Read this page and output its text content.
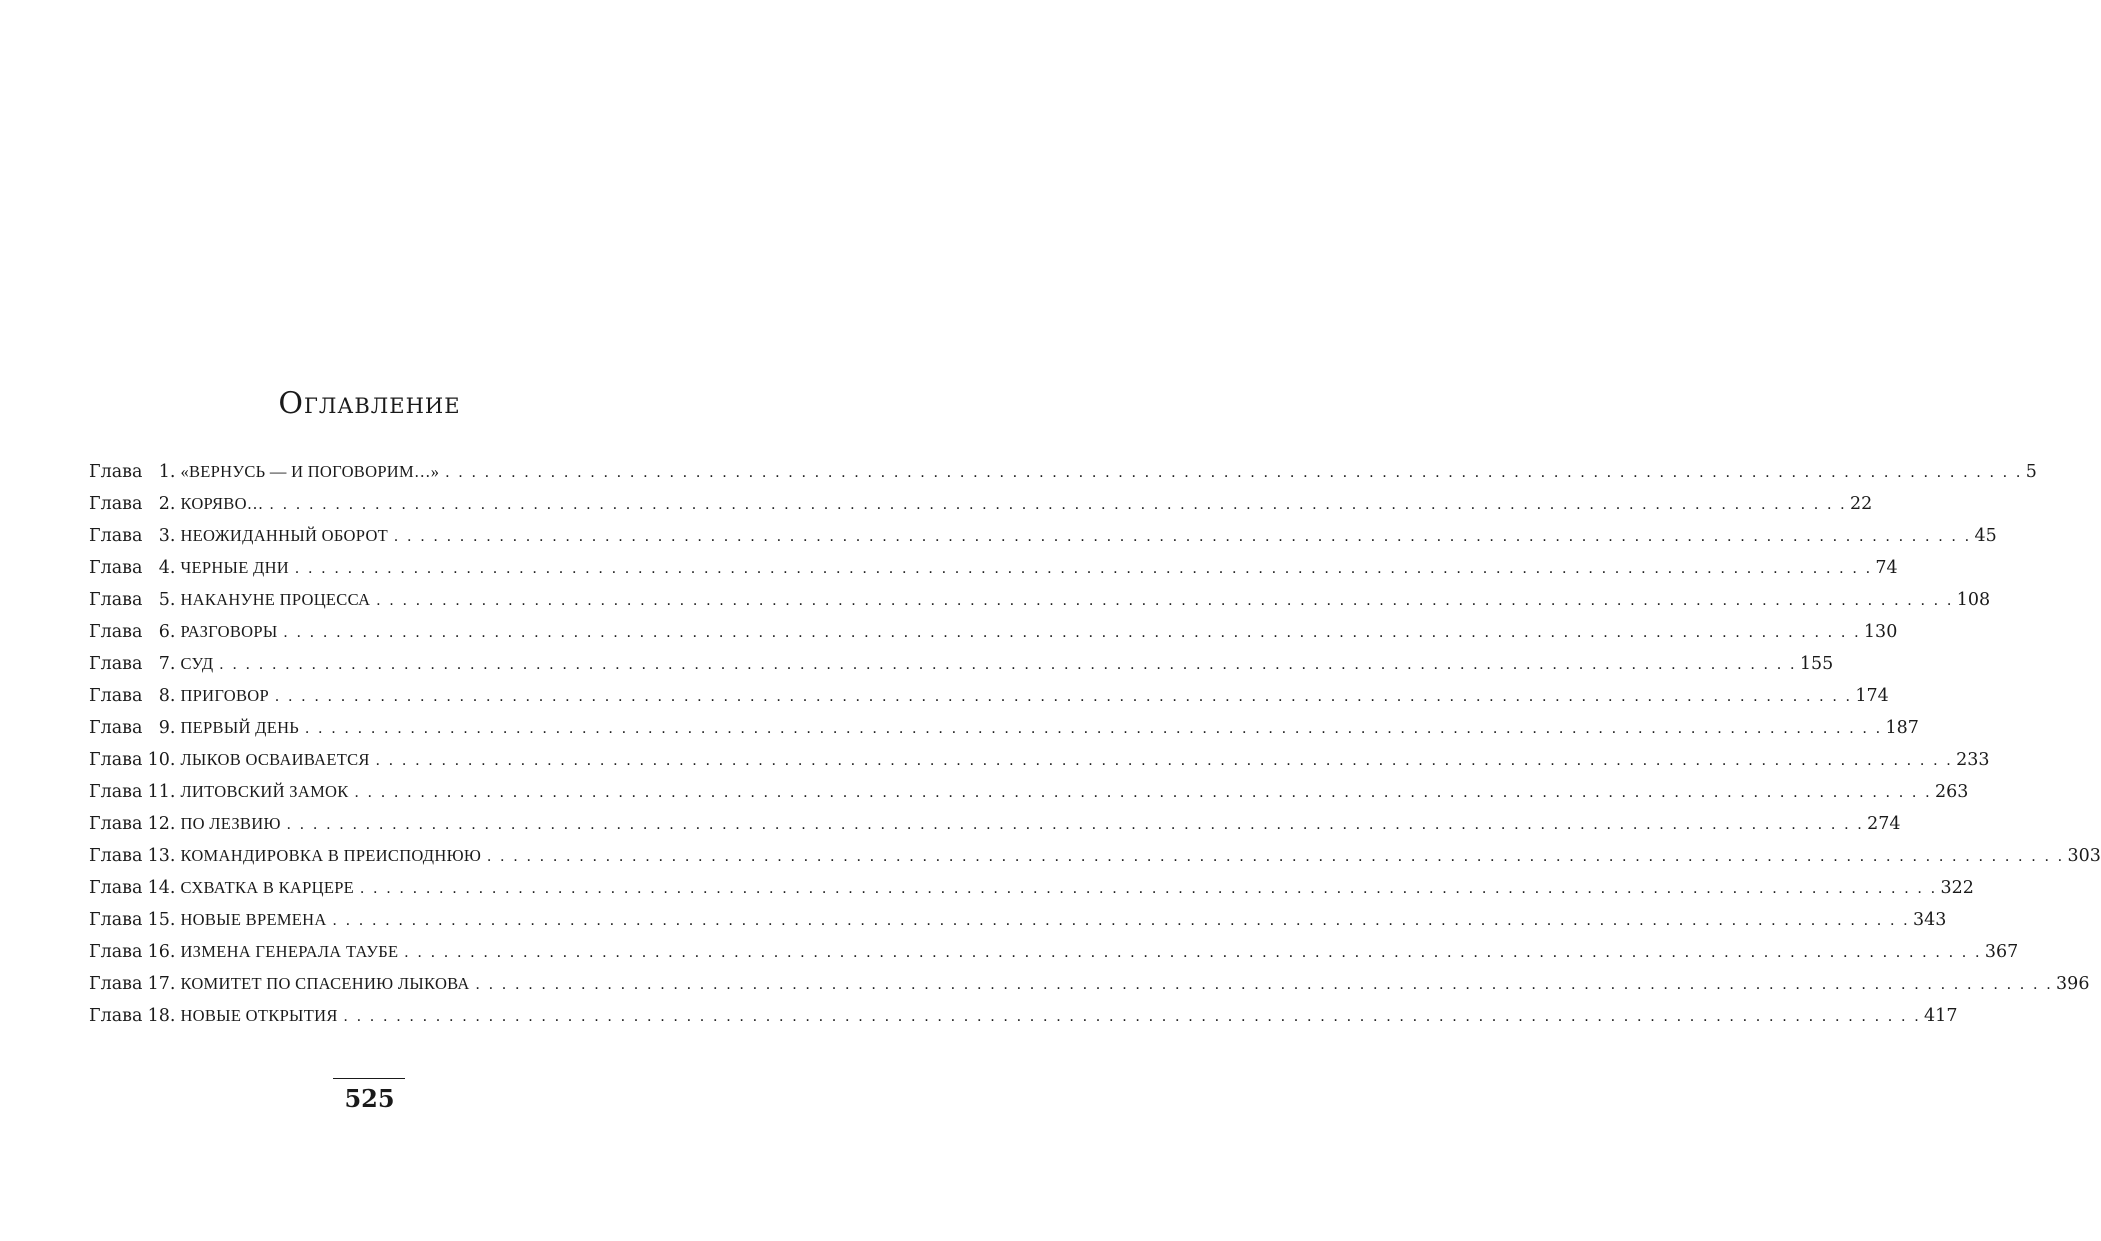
Оглавление
Глава 1. «ВЕРНУСЬ — И ПОГОВОРИМ…» . . . . . . . . . . . . . . . . . . . . . . . . . . . . . . . . . . . . . . . . . . . . . . . . . . . . . . . . . . . . . . . . . . . . . . . . . . . . . . . . . . . . . . . . . . . . . . . . . . . . . . . . . . . . . . . . . . . . . . . . 5
Глава 2. КОРЯВО… . . . . . . . . . . . . . . . . . . . . . . . . . . . . . . . . . . . . . . . . . . . . . . . . . . . . . . . . . . . . . . . . . . . . . . . . . . . . . . . . . . . . . . . . . . . . . . . . . . . . . . . . . . . . . . . . . . . . . . . . 22
Глава 3. НЕОЖИДАННЫЙ ОБОРОТ . . . . . . . . . . . . . . . . . . . . . . . . . . . . . . . . . . . . . . . . . . . . . . . . . . . . . . . . . . . . . . . . . . . . . . . . . . . . . . . . . . . . . . . . . . . . . . . . . . . . . . . . . . . . . . . . . . . . . . . . 45
Глава 4. ЧЕРНЫЕ ДНИ . . . . . . . . . . . . . . . . . . . . . . . . . . . . . . . . . . . . . . . . . . . . . . . . . . . . . . . . . . . . . . . . . . . . . . . . . . . . . . . . . . . . . . . . . . . . . . . . . . . . . . . . . . . . . . . . . . . . . . . . 74
Глава 5. НАКАНУНЕ ПРОЦЕССА . . . . . . . . . . . . . . . . . . . . . . . . . . . . . . . . . . . . . . . . . . . . . . . . . . . . . . . . . . . . . . . . . . . . . . . . . . . . . . . . . . . . . . . . . . . . . . . . . . . . . . . . . . . . . . . . . . . . . . . . 108
Глава 6. РАЗГОВОРЫ . . . . . . . . . . . . . . . . . . . . . . . . . . . . . . . . . . . . . . . . . . . . . . . . . . . . . . . . . . . . . . . . . . . . . . . . . . . . . . . . . . . . . . . . . . . . . . . . . . . . . . . . . . . . . . . . . . . . . . . . 130
Глава 7. СУД . . . . . . . . . . . . . . . . . . . . . . . . . . . . . . . . . . . . . . . . . . . . . . . . . . . . . . . . . . . . . . . . . . . . . . . . . . . . . . . . . . . . . . . . . . . . . . . . . . . . . . . . . . . . . . . . . . . . . . . . 155
Глава 8. ПРИГОВОР . . . . . . . . . . . . . . . . . . . . . . . . . . . . . . . . . . . . . . . . . . . . . . . . . . . . . . . . . . . . . . . . . . . . . . . . . . . . . . . . . . . . . . . . . . . . . . . . . . . . . . . . . . . . . . . . . . . . . . . . 174
Глава 9. ПЕРВЫЙ ДЕНЬ . . . . . . . . . . . . . . . . . . . . . . . . . . . . . . . . . . . . . . . . . . . . . . . . . . . . . . . . . . . . . . . . . . . . . . . . . . . . . . . . . . . . . . . . . . . . . . . . . . . . . . . . . . . . . . . . . . . . . . . . 187
Глава 10. ЛЫКОВ ОСВАИВАЕТСЯ . . . . . . . . . . . . . . . . . . . . . . . . . . . . . . . . . . . . . . . . . . . . . . . . . . . . . . . . . . . . . . . . . . . . . . . . . . . . . . . . . . . . . . . . . . . . . . . . . . . . . . . . . . . . . . . . . . . . . . . . 233
Глава 11. ЛИТОВСКИЙ ЗАМОК . . . . . . . . . . . . . . . . . . . . . . . . . . . . . . . . . . . . . . . . . . . . . . . . . . . . . . . . . . . . . . . . . . . . . . . . . . . . . . . . . . . . . . . . . . . . . . . . . . . . . . . . . . . . . . . . . . . . . . . . 263
Глава 12. ПО ЛЕЗВИЮ . . . . . . . . . . . . . . . . . . . . . . . . . . . . . . . . . . . . . . . . . . . . . . . . . . . . . . . . . . . . . . . . . . . . . . . . . . . . . . . . . . . . . . . . . . . . . . . . . . . . . . . . . . . . . . . . . . . . . . . . 274
Глава 13. КОМАНДИРОВКА В ПРЕИСПОДНЮЮ . . . . . . . . . . . . . . . . . . . . . . . . . . . . . . . . . . . . . . . . . . . . . . . . . . . . . . . . . . . . . . . . . . . . . . . . . . . . . . . . . . . . . . . . . . . . . . . . . . . . . . . . . . . . . . . . . . . . . . . . 303
Глава 14. СХВАТКА В КАРЦЕРЕ . . . . . . . . . . . . . . . . . . . . . . . . . . . . . . . . . . . . . . . . . . . . . . . . . . . . . . . . . . . . . . . . . . . . . . . . . . . . . . . . . . . . . . . . . . . . . . . . . . . . . . . . . . . . . . . . . . . . . . . . 322
Глава 15. НОВЫЕ ВРЕМЕНА . . . . . . . . . . . . . . . . . . . . . . . . . . . . . . . . . . . . . . . . . . . . . . . . . . . . . . . . . . . . . . . . . . . . . . . . . . . . . . . . . . . . . . . . . . . . . . . . . . . . . . . . . . . . . . . . . . . . . . . . 343
Глава 16. ИЗМЕНА ГЕНЕРАЛА ТАУБЕ . . . . . . . . . . . . . . . . . . . . . . . . . . . . . . . . . . . . . . . . . . . . . . . . . . . . . . . . . . . . . . . . . . . . . . . . . . . . . . . . . . . . . . . . . . . . . . . . . . . . . . . . . . . . . . . . . . . . . . . . 367
Глава 17. КОМИТЕТ ПО СПАСЕНИЮ ЛЫКОВА . . . . . . . . . . . . . . . . . . . . . . . . . . . . . . . . . . . . . . . . . . . . . . . . . . . . . . . . . . . . . . . . . . . . . . . . . . . . . . . . . . . . . . . . . . . . . . . . . . . . . . . . . . . . . . . . . . . . . . . . 396
Глава 18. НОВЫЕ ОТКРЫТИЯ . . . . . . . . . . . . . . . . . . . . . . . . . . . . . . . . . . . . . . . . . . . . . . . . . . . . . . . . . . . . . . . . . . . . . . . . . . . . . . . . . . . . . . . . . . . . . . . . . . . . . . . . . . . . . . . . . . . . . . . . 417

525
